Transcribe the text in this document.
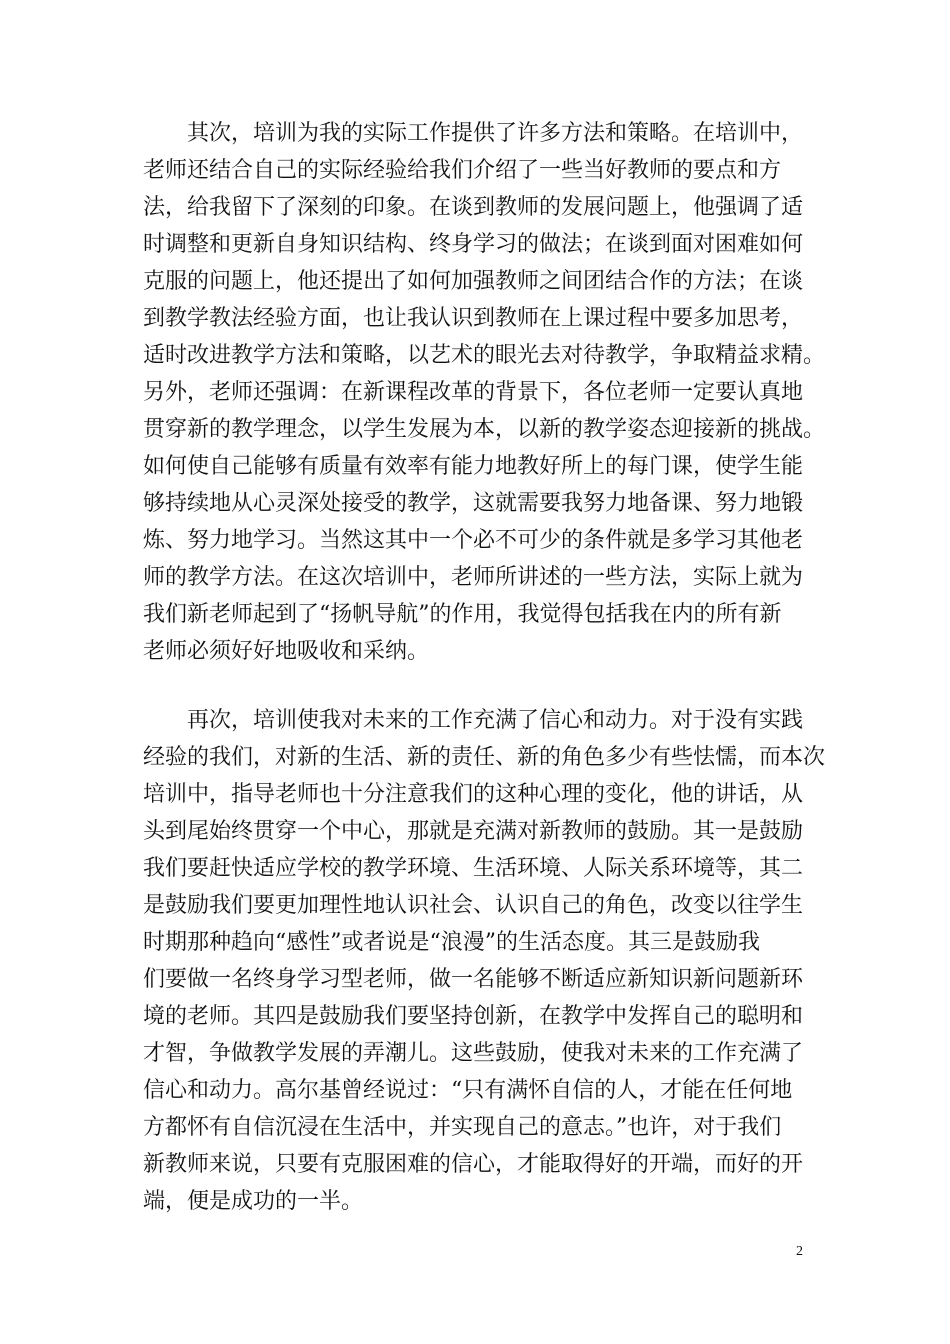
其次，培训为我的实际工作提供了许多方法和策略。在培训中，
老师还结合自己的实际经验给我们介绍了一些当好教师的要点和方
法，给我留下了深刻的印象。在谈到教师的发展问题上，他强调了适
时调整和更新自身知识结构、终身学习的做法；在谈到面对困难如何
克服的问题上，他还提出了如何加强教师之间团结合作的方法；在谈
到教学教法经验方面，也让我认识到教师在上课过程中要多加思考，
适时改进教学方法和策略，以艺术的眼光去对待教学，争取精益求精。
另外，老师还强调：在新课程改革的背景下，各位老师一定要认真地
贯穿新的教学理念，以学生发展为本，以新的教学姿态迎接新的挑战。
如何使自己能够有质量有效率有能力地教好所上的每门课，使学生能
够持续地从心灵深处接受的教学，这就需要我努力地备课、努力地锻
炼、努力地学习。当然这其中一个必不可少的条件就是多学习其他老
师的教学方法。在这次培训中，老师所讲述的一些方法，实际上就为
我们新老师起到了“扬帆导航”的作用，我觉得包括我在内的所有新
老师必须好好地吸收和采纳。
再次，培训使我对未来的工作充满了信心和动力。对于没有实践
经验的我们，对新的生活、新的责任、新的角色多少有些怯懦，而本次
培训中，指导老师也十分注意我们的这种心理的变化，他的讲话，从
头到尾始终贯穿一个中心，那就是充满对新教师的鼓励。其一是鼓励
我们要赶快适应学校的教学环境、生活环境、人际关系环境等，其二
是鼓励我们要更加理性地认识社会、认识自己的角色，改变以往学生
时期那种趋向“感性”或者说是“浪漫”的生活态度。其三是鼓励我
们要做一名终身学习型老师，做一名能够不断适应新知识新问题新环
境的老师。其四是鼓励我们要坚持创新，在教学中发挥自己的聪明和
才智，争做教学发展的弄潮儿。这些鼓励，使我对未来的工作充满了
信心和动力。高尔基曾经说过：“只有满怀自信的人，才能在任何地
方都怀有自信沉浸在生活中，并实现自己的意志。”也许，对于我们
新教师来说，只要有克服困难的信心，才能取得好的开端，而好的开
端，便是成功的一半。
2
